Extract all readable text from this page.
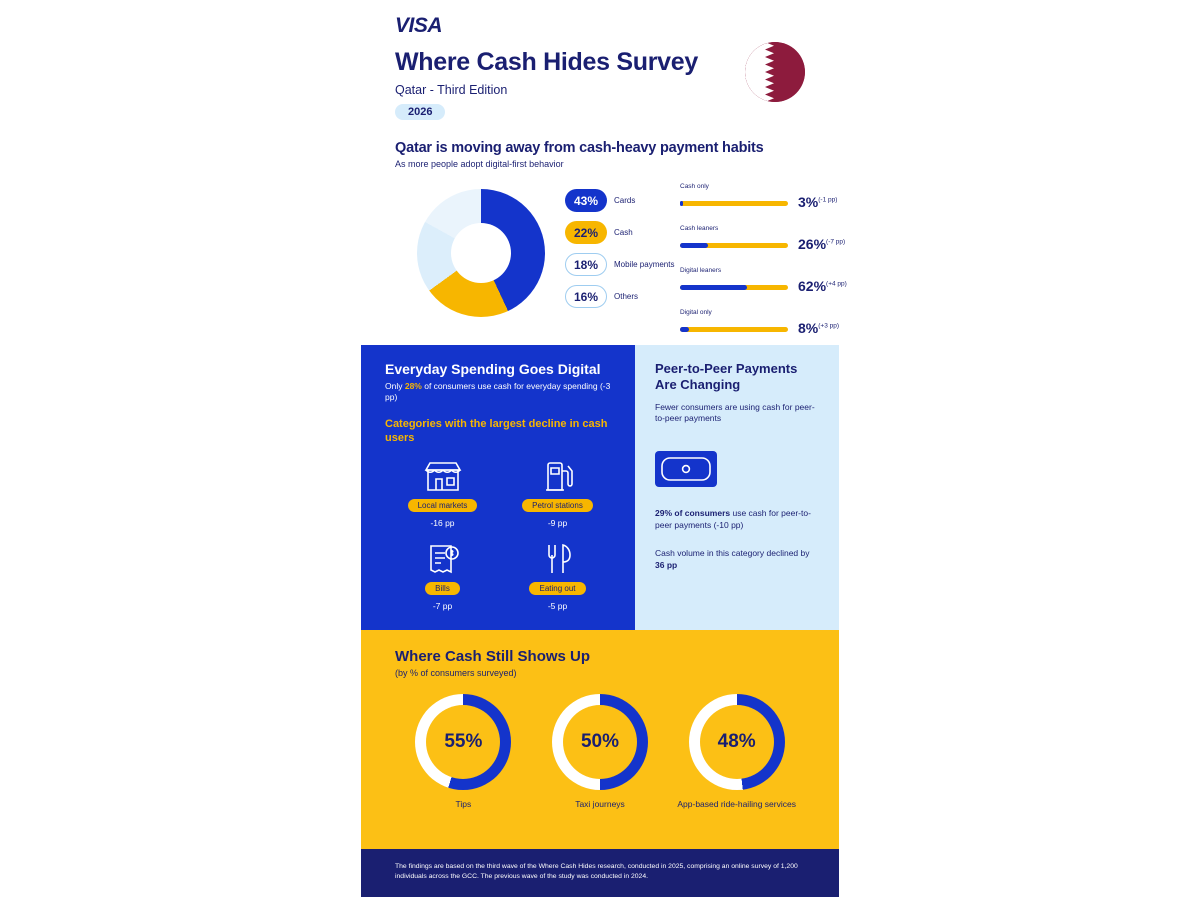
VISA
Where Cash Hides Survey
Qatar - Third Edition
2026
Qatar is moving away from cash-heavy payment habits
As more people adopt digital-first behavior
43%	Cards
22%	Cash
18%	Mobile payments
16%	Others
Cash only
3%$^{(-1 pp)}$
Cash leaners
26%$^{(-7 pp)}$
Digital leaners
62%$^{(+4 pp)}$
Digital only
8%$^{(+3 pp)}$
Everyday Spending Goes Digital
Only 28% of consumers use cash for everyday spending (-3 pp)
Categories with the largest decline in cash users
Local markets
-16 pp
Petrol stations
-9 pp
Bills
-7 pp
Eating out
-5 pp
Peer-to-Peer Payments Are Changing
Fewer consumers are using cash for peer-to-peer payments
29% of consumers use cash for peer-to-peer payments (-10 pp)
Cash volume in this category declined by 36 pp
Where Cash Still Shows Up
(by % of consumers surveyed)
55%
Tips
50%
Taxi journeys
48%
App-based ride-hailing services
The findings are based on the third wave of the Where Cash Hides research, conducted in 2025, comprising an online survey of 1,200 individuals across the GCC. The previous wave of the study was conducted in 2024.
